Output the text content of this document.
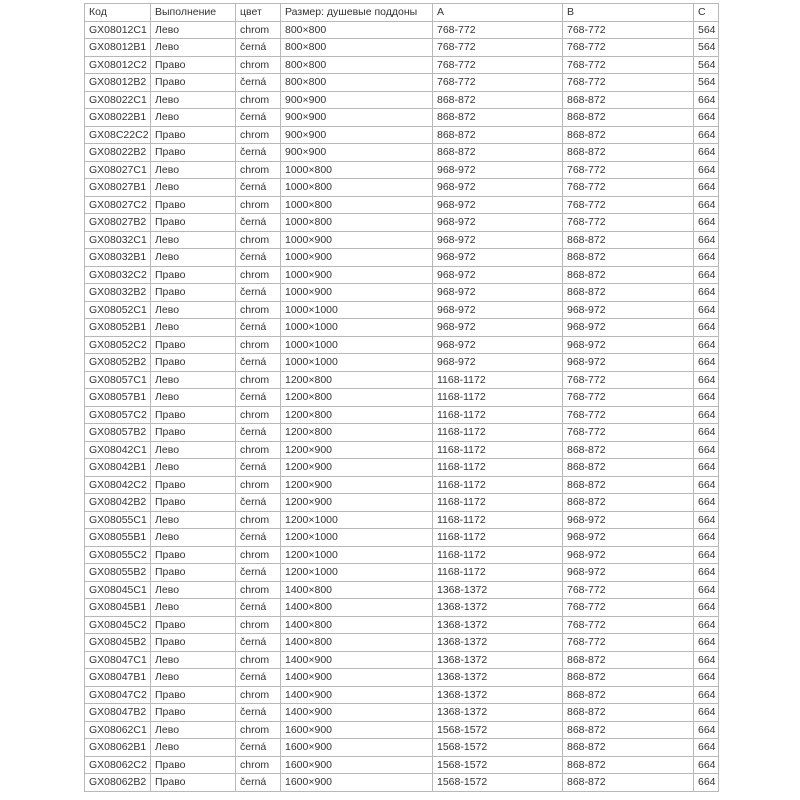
Код	Выполнение	цвет	Размер: душевые поддоны	A	B	C
GX08012C1	Лево	chrom	800×800	768-772	768-772	564
GX08012B1	Лево	černá	800×800	768-772	768-772	564
GX08012C2	Право	chrom	800×800	768-772	768-772	564
GX08012B2	Право	černá	800×800	768-772	768-772	564
GX08022C1	Лево	chrom	900×900	868-872	868-872	664
GX08022B1	Лево	černá	900×900	868-872	868-872	664
GX08C22C2	Право	chrom	900×900	868-872	868-872	664
GX08022B2	Право	černá	900×900	868-872	868-872	664
GX08027C1	Лево	chrom	1000×800	968-972	768-772	664
GX08027B1	Лево	černá	1000×800	968-972	768-772	664
GX08027C2	Право	chrom	1000×800	968-972	768-772	664
GX08027B2	Право	černá	1000×800	968-972	768-772	664
GX08032C1	Лево	chrom	1000×900	968-972	868-872	664
GX08032B1	Лево	černá	1000×900	968-972	868-872	664
GX08032C2	Право	chrom	1000×900	968-972	868-872	664
GX08032B2	Право	černá	1000×900	968-972	868-872	664
GX08052C1	Лево	chrom	1000×1000	968-972	968-972	664
GX08052B1	Лево	černá	1000×1000	968-972	968-972	664
GX08052C2	Право	chrom	1000×1000	968-972	968-972	664
GX08052B2	Право	černá	1000×1000	968-972	968-972	664
GX08057C1	Лево	chrom	1200×800	1168-1172	768-772	664
GX08057B1	Лево	černá	1200×800	1168-1172	768-772	664
GX08057C2	Право	chrom	1200×800	1168-1172	768-772	664
GX08057B2	Право	černá	1200×800	1168-1172	768-772	664
GX08042C1	Лево	chrom	1200×900	1168-1172	868-872	664
GX08042B1	Лево	černá	1200×900	1168-1172	868-872	664
GX08042C2	Право	chrom	1200×900	1168-1172	868-872	664
GX08042B2	Право	černá	1200×900	1168-1172	868-872	664
GX08055C1	Лево	chrom	1200×1000	1168-1172	968-972	664
GX08055B1	Лево	černá	1200×1000	1168-1172	968-972	664
GX08055C2	Право	chrom	1200×1000	1168-1172	968-972	664
GX08055B2	Право	černá	1200×1000	1168-1172	968-972	664
GX08045C1	Лево	chrom	1400×800	1368-1372	768-772	664
GX08045B1	Лево	černá	1400×800	1368-1372	768-772	664
GX08045C2	Право	chrom	1400×800	1368-1372	768-772	664
GX08045B2	Право	černá	1400×800	1368-1372	768-772	664
GX08047C1	Лево	chrom	1400×900	1368-1372	868-872	664
GX08047B1	Лево	černá	1400×900	1368-1372	868-872	664
GX08047C2	Право	chrom	1400×900	1368-1372	868-872	664
GX08047B2	Право	černá	1400×900	1368-1372	868-872	664
GX08062C1	Лево	chrom	1600×900	1568-1572	868-872	664
GX08062B1	Лево	černá	1600×900	1568-1572	868-872	664
GX08062C2	Право	chrom	1600×900	1568-1572	868-872	664
GX08062B2	Право	černá	1600×900	1568-1572	868-872	664
